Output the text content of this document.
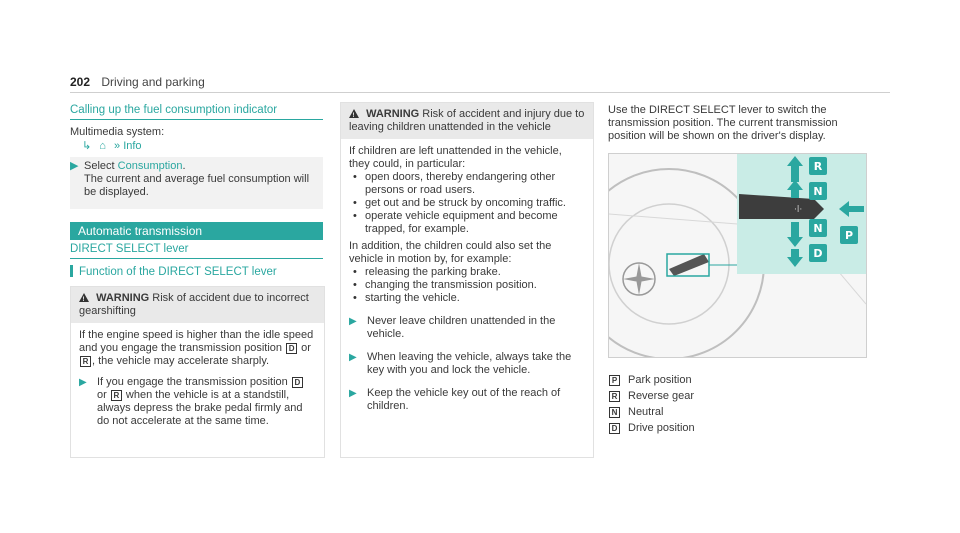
202 Driving and parking
Calling up the fuel consumption indicator
Multimedia system:
↳ ⌂ » Info
▶ Select Consumption.
The current and average fuel consumption will be displayed.
Automatic transmission
DIRECT SELECT lever
Function of the DIRECT SELECT lever
! WARNING Risk of accident due to incorrect gearshifting
If the engine speed is higher than the idle speed and you engage the transmission position D or R , the vehicle may accelerate sharply.
▶ If you engage the transmission position D or R when the vehicle is at a standstill, always depress the brake pedal firmly and do not accelerate at the same time.
! WARNING Risk of accident and injury due to leaving children unattended in the vehicle
If children are left unattended in the vehicle, they could, in particular:
• open doors, thereby endangering other persons or road users.
• get out and be struck by oncoming traffic.
• operate vehicle equipment and become trapped, for example.
In addition, the children could also set the vehicle in motion by, for example:
• releasing the parking brake.
• changing the transmission position.
• starting the vehicle.
▶ Never leave children unattended in the vehicle.
▶ When leaving the vehicle, always take the key with you and lock the vehicle.
▶ Keep the vehicle key out of the reach of children.
Use the DIRECT SELECT lever to switch the transmission position. The current transmission position will be shown on the driver's display.
·l·
R
N
N
D
P
P Park position
R Reverse gear
N Neutral
D Drive position
